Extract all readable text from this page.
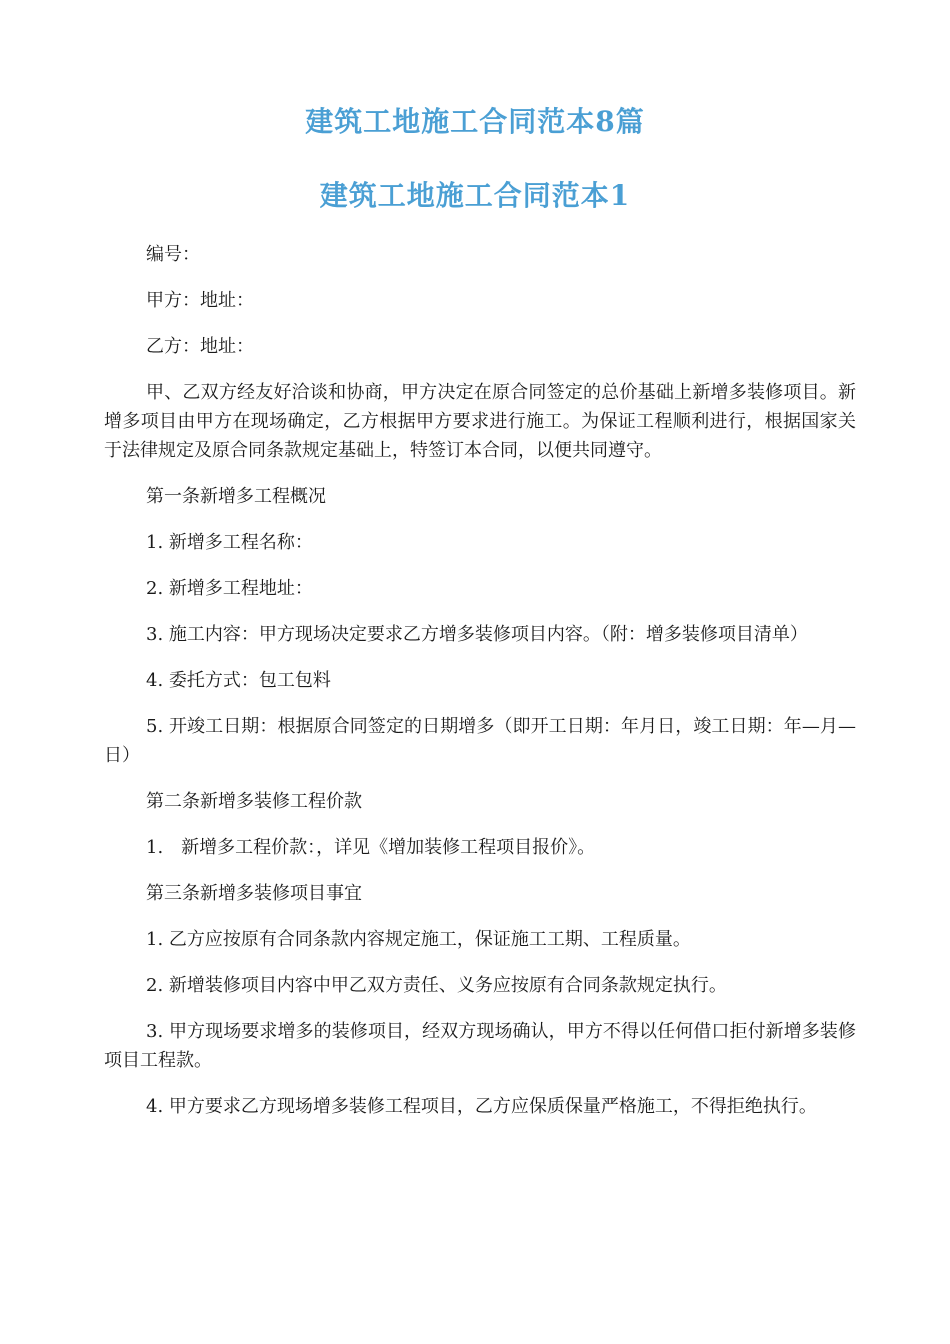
建筑工地施工合同范本8篇
建筑工地施工合同范本1

编号：

甲方：地址：

乙方：地址：

甲、乙双方经友好洽谈和协商，甲方决定在原合同签定的总价基础上新增多装修项目。新增多项目由甲方在现场确定，乙方根据甲方要求进行施工。为保证工程顺利进行，根据国家关于法律规定及原合同条款规定基础上，特签订本合同，以便共同遵守。

第一条新增多工程概况

1. 新增多工程名称：

2. 新增多工程地址：

3. 施工内容：甲方现场决定要求乙方增多装修项目内容。（附：增多装修项目清单）

4. 委托方式：包工包料

5. 开竣工日期：根据原合同签定的日期增多（即开工日期：年月日，竣工日期：年—月—日）

第二条新增多装修工程价款

1.　新增多工程价款：，详见《增加装修工程项目报价》。

第三条新增多装修项目事宜

1. 乙方应按原有合同条款内容规定施工，保证施工工期、工程质量。

2. 新增装修项目内容中甲乙双方责任、义务应按原有合同条款规定执行。

3. 甲方现场要求增多的装修项目，经双方现场确认，甲方不得以任何借口拒付新增多装修项目工程款。

4. 甲方要求乙方现场增多装修工程项目，乙方应保质保量严格施工，不得拒绝执行。
